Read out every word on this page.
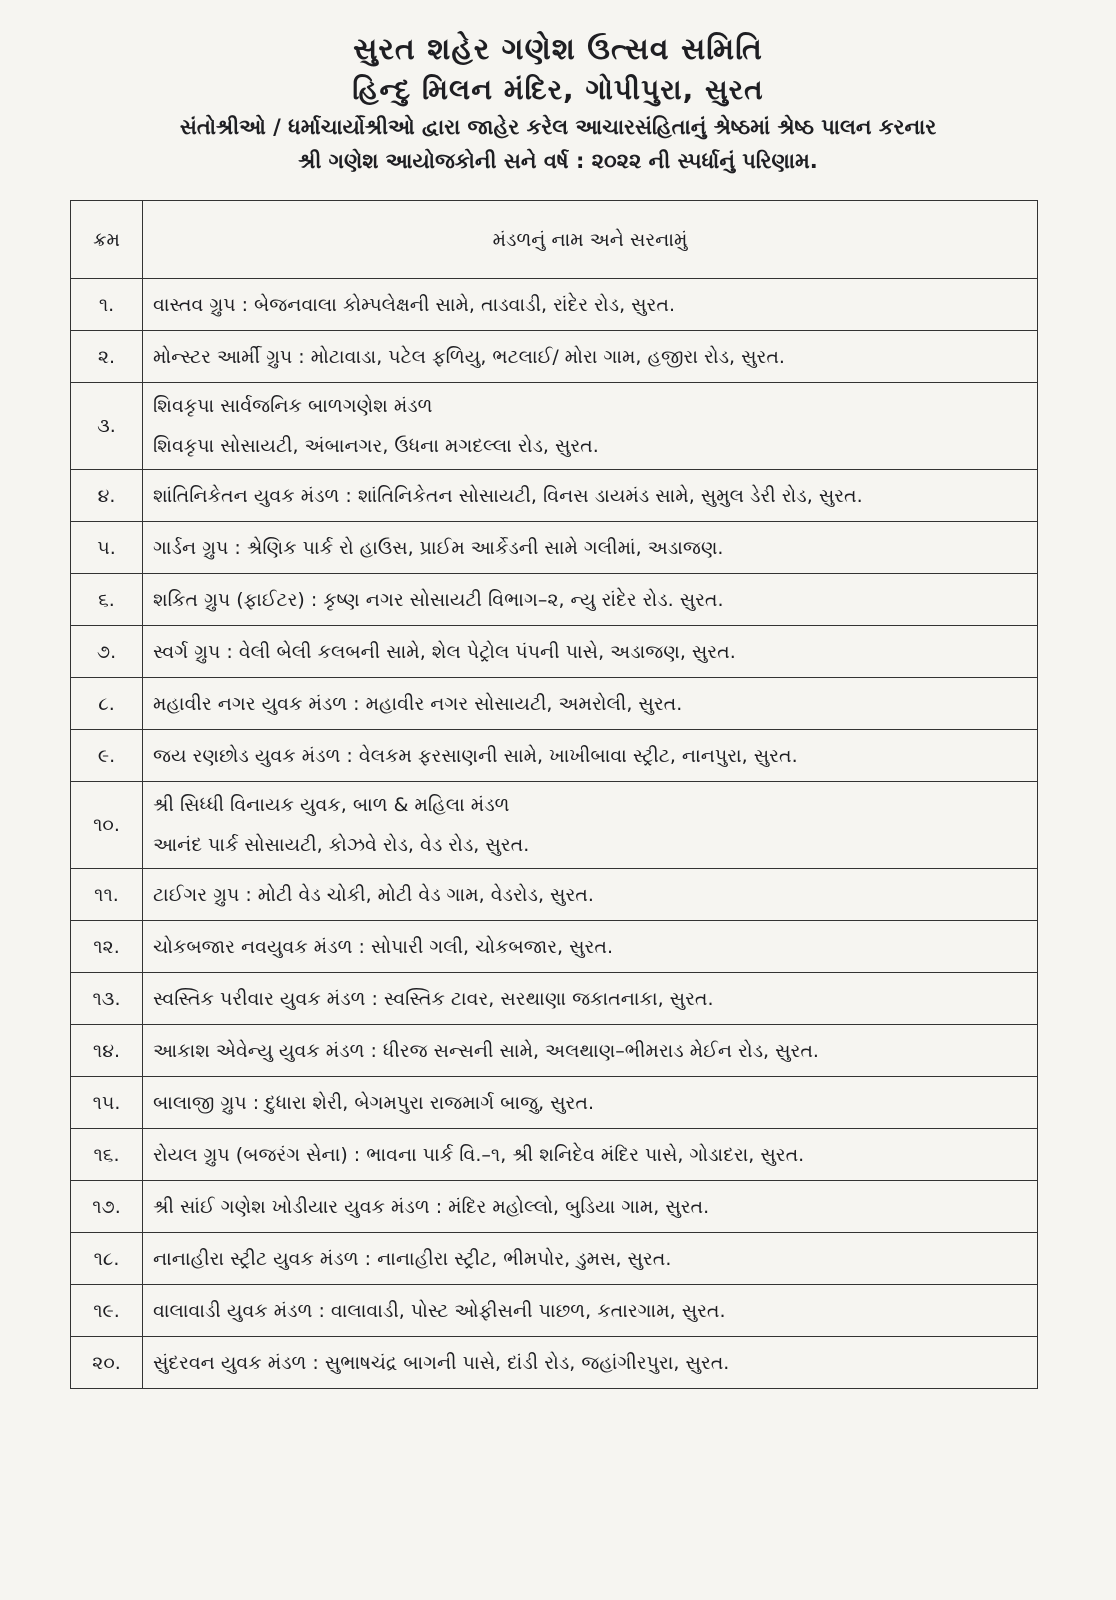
સુરત શહેર ગણેશ ઉત્સવ સમિતિ
હિન્દુ મિલન મંદિર, ગોપીપુરા, સુરત
સંતોશ્રીઓ / ધર્માચાર્યોશ્રીઓ દ્વારા જાહેર કરેલ આચારસંહિતાનું શ્રેષ્ઠમાં શ્રેષ્ઠ પાલન કરનાર
શ્રી ગણેશ આયોજકોની સને વર્ષ : ૨૦૨૨ ની સ્પર્ધાનું પરિણામ.
ક્રમ	મંડળનું નામ અને સરનામું
૧.	વાસ્તવ ગ્રુપ : બેજનવાલા કોમ્પલેક્ષની સામે, તાડવાડી, રાંદેર રોડ, સુરત.
૨.	મોન્સ્ટર આર્મી ગ્રુપ : મોટાવાડા, પટેલ ફળિયુ, ભટલાઈ/ મોરા ગામ, હજીરા રોડ, સુરત.
૩.	શિવકૃપા સાર્વજનિક બાળગણેશ મંડળ
શિવકૃપા સોસાયટી, અંબાનગર, ઉધના મગદલ્લા રોડ, સુરત.

૪.	શાંતિનિકેતન યુવક મંડળ : શાંતિનિકેતન સોસાયટી, વિનસ ડાયમંડ સામે, સુમુલ ડેરી રોડ, સુરત.
૫.	ગાર્ડન ગ્રુપ : શ્રેણિક પાર્ક રો હાઉસ, પ્રાઈમ આર્કેડની સામે ગલીમાં, અડાજણ.
૬.	શકિત ગ્રુપ (ફાઈટર) : કૃષ્ણ નગર સોસાયટી વિભાગ–૨, ન્યુ રાંદેર રોડ. સુરત.
૭.	સ્વર્ગ ગ્રુપ : વેલી બેલી કલબની સામે, શેલ પેટ્રોલ પંપની પાસે, અડાજણ, સુરત.
૮.	મહાવીર નગર યુવક મંડળ : મહાવીર નગર સોસાયટી, અમરોલી, સુરત.
૯.	જય રણછોડ યુવક મંડળ : વેલકમ ફરસાણની સામે, ખાખીબાવા સ્ટ્રીટ, નાનપુરા, સુરત.
૧૦.	શ્રી સિધ્ધી વિનાયક યુવક, બાળ & મહિલા મંડળ
આનંદ પાર્ક સોસાયટી, કોઝવે રોડ, વેડ રોડ, સુરત.

૧૧.	ટાઈગર ગ્રુપ : મોટી વેડ ચોકી, મોટી વેડ ગામ, વેડરોડ, સુરત.
૧૨.	ચોકબજાર નવયુવક મંડળ : સોપારી ગલી, ચોકબજાર, સુરત.
૧૩.	સ્વસ્તિક પરીવાર યુવક મંડળ : સ્વસ્તિક ટાવર, સરથાણા જકાતનાકા, સુરત.
૧૪.	આકાશ એવેન્યુ યુવક મંડળ : ધીરજ સન્સની સામે, અલથાણ–ભીમરાડ મેઈન રોડ, સુરત.
૧૫.	બાલાજી ગ્રુપ : દુધારા શેરી, બેગમપુરા રાજમાર્ગ બાજુ, સુરત.
૧૬.	રોયલ ગ્રુપ (બજરંગ સેના) : ભાવના પાર્ક વિ.–૧, શ્રી શનિદેવ મંદિર પાસે, ગોડાદરા, સુરત.
૧૭.	શ્રી સાંઈ ગણેશ ખોડીયાર યુવક મંડળ : મંદિર મહોલ્લો, બુડિયા ગામ, સુરત.
૧૮.	નાનાહીરા સ્ટ્રીટ યુવક મંડળ : નાનાહીરા સ્ટ્રીટ, ભીમપોર, ડુમસ, સુરત.
૧૯.	વાલાવાડી યુવક મંડળ : વાલાવાડી, પોસ્ટ ઓફીસની પાછળ, કતારગામ, સુરત.
૨૦.	સુંદરવન યુવક મંડળ : સુભાષચંદ્ર બાગની પાસે, દાંડી રોડ, જહાંગીરપુરા, સુરત.
